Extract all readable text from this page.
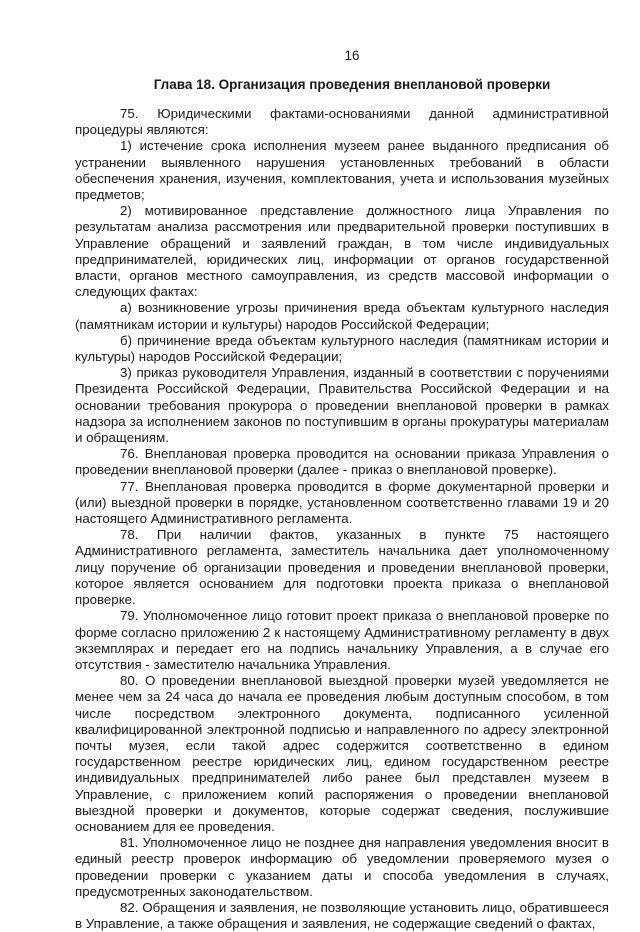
16
Глава 18. Организация проведения внеплановой проверки

75. Юридическими фактами-основаниями данной административной процедуры являются:

1) истечение срока исполнения музеем ранее выданного предписания об устранении выявленного нарушения установленных требований в области обеспечения хранения, изучения, комплектования, учета и использования музейных предметов;

2) мотивированное представление должностного лица Управления по результатам анализа рассмотрения или предварительной проверки поступивших в Управление обращений и заявлений граждан, в том числе индивидуальных предпринимателей, юридических лиц, информации от органов государственной власти, органов местного самоуправления, из средств массовой информации о следующих фактах:

а) возникновение угрозы причинения вреда объектам культурного наследия (памятникам истории и культуры) народов Российской Федерации;

б) причинение вреда объектам культурного наследия (памятникам истории и культуры) народов Российской Федерации;

3) приказ руководителя Управления, изданный в соответствии с поручениями Президента Российской Федерации, Правительства Российской Федерации и на основании требования прокурора о проведении внеплановой проверки в рамках надзора за исполнением законов по поступившим в органы прокуратуры материалам и обращениям.

76. Внеплановая проверка проводится на основании приказа Управления о проведении внеплановой проверки (далее - приказ о внеплановой проверке).

77. Внеплановая проверка проводится в форме документарной проверки и (или) выездной проверки в порядке, установленном соответственно главами 19 и 20 настоящего Административного регламента.

78. При наличии фактов, указанных в пункте 75 настоящего Административного регламента, заместитель начальника дает уполномоченному лицу поручение об организации проведения и проведении внеплановой проверки, которое является основанием для подготовки проекта приказа о внеплановой проверке.

79. Уполномоченное лицо готовит проект приказа о внеплановой проверке по форме согласно приложению 2 к настоящему Административному регламенту в двух экземплярах и передает его на подпись начальнику Управления, а в случае его отсутствия - заместителю начальника Управления.

80. О проведении внеплановой выездной проверки музей уведомляется не менее чем за 24 часа до начала ее проведения любым доступным способом, в том числе посредством электронного документа, подписанного усиленной квалифицированной электронной подписью и направленного по адресу электронной почты музея, если такой адрес содержится соответственно в едином государственном реестре юридических лиц, едином государственном реестре индивидуальных предпринимателей либо ранее был представлен музеем в Управление, с приложением копий распоряжения о проведении внеплановой выездной проверки и документов, которые содержат сведения, послужившие основанием для ее проведения.

81. Уполномоченное лицо не позднее дня направления уведомления вносит в единый реестр проверок информацию об уведомлении проверяемого музея о проведении проверки с указанием даты и способа уведомления в случаях, предусмотренных законодательством.

82. Обращения и заявления, не позволяющие установить лицо, обратившееся в Управление, а также обращения и заявления, не содержащие сведений о фактах,
